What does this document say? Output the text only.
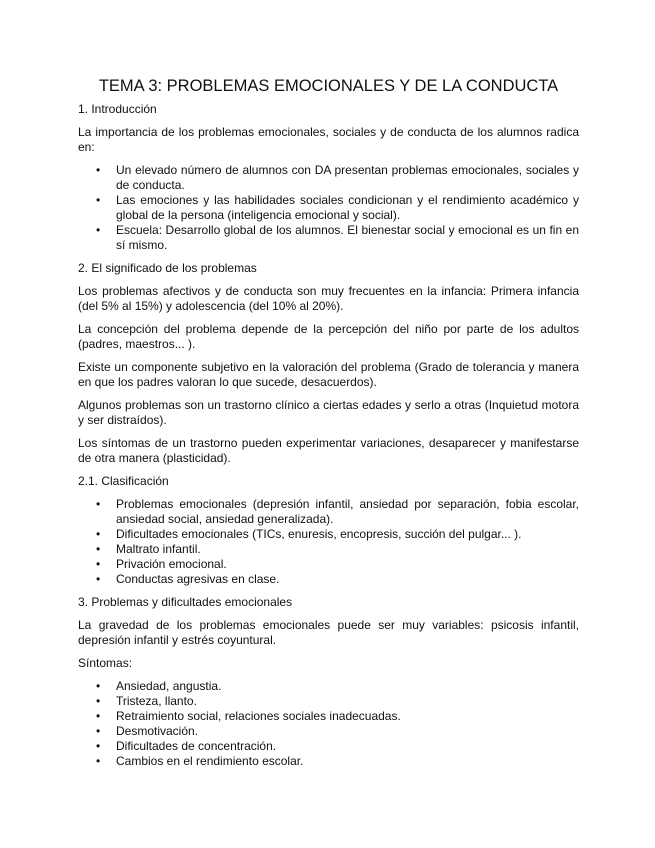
TEMA 3: PROBLEMAS EMOCIONALES Y DE LA CONDUCTA
1. Introducción

La importancia de los problemas emocionales, sociales y de conducta de los alumnos radica en:

• Un elevado número de alumnos con DA presentan problemas emocionales, sociales y de conducta.
• Las emociones y las habilidades sociales condicionan y el rendimiento académico y global de la persona (inteligencia emocional y social).
• Escuela: Desarrollo global de los alumnos. El bienestar social y emocional es un fin en sí mismo.
2. El significado de los problemas

Los problemas afectivos y de conducta son muy frecuentes en la infancia: Primera infancia (del 5% al 15%) y adolescencia (del 10% al 20%).

La concepción del problema depende de la percepción del niño por parte de los adultos (padres, maestros... ).

Existe un componente subjetivo en la valoración del problema (Grado de tolerancia y manera en que los padres valoran lo que sucede, desacuerdos).

Algunos problemas son un trastorno clínico a ciertas edades y serlo a otras (Inquietud motora y ser distraídos).

Los síntomas de un trastorno pueden experimentar variaciones, desaparecer y manifestarse de otra manera (plasticidad).

2.1. Clasificación
• Problemas emocionales (depresión infantil, ansiedad por separación, fobia escolar, ansiedad social, ansiedad generalizada).
• Dificultades emocionales (TICs, enuresis, encopresis, succión del pulgar... ).
• Maltrato infantil.
• Privación emocional.
• Conductas agresivas en clase.
3. Problemas y dificultades emocionales

La gravedad de los problemas emocionales puede ser muy variables: psicosis infantil, depresión infantil y estrés coyuntural.

Síntomas:

• Ansiedad, angustia.
• Tristeza, llanto.
• Retraimiento social, relaciones sociales inadecuadas.
• Desmotivación.
• Dificultades de concentración.
• Cambios en el rendimiento escolar.
